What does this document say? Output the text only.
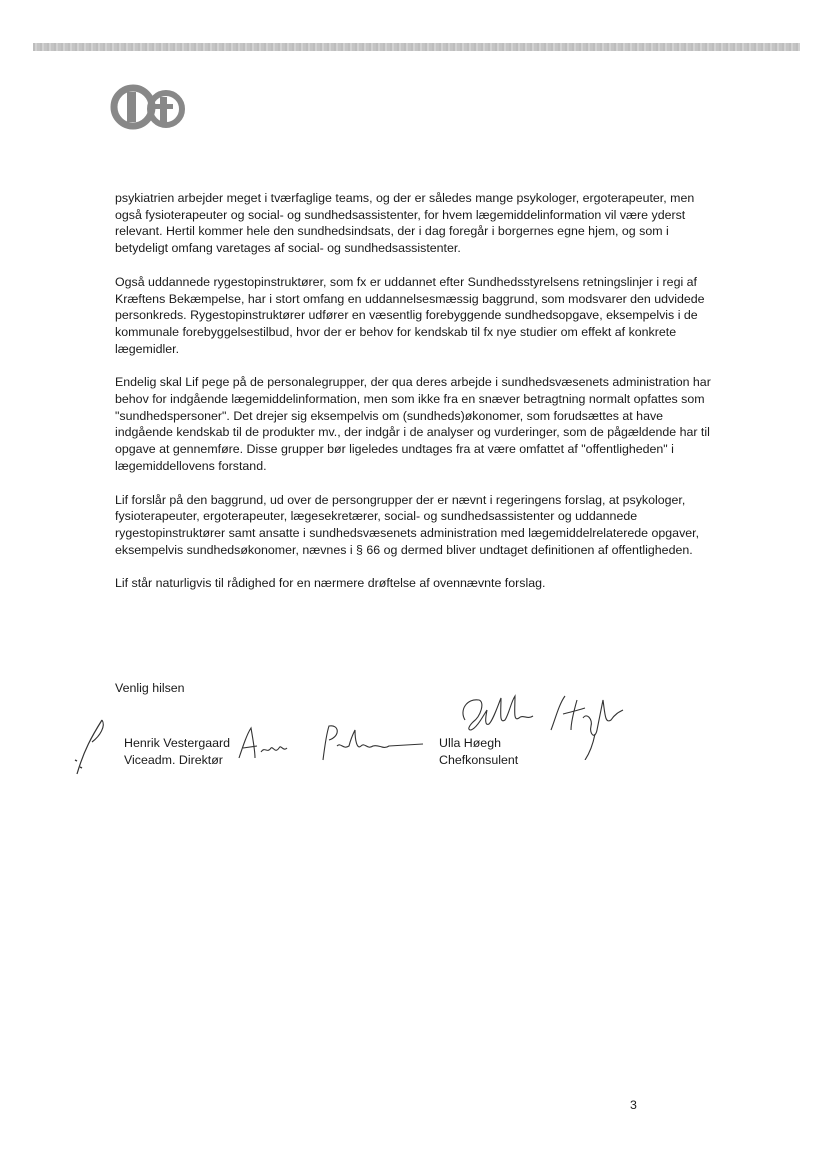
psykiatrien arbejder meget i tværfaglige teams, og der er således mange psykologer, ergoterapeuter, men også fysioterapeuter og social- og sundhedsassistenter, for hvem lægemiddelinformation vil være yderst relevant. Hertil kommer hele den sundhedsindsats, der i dag foregår i borgernes egne hjem, og som i betydeligt omfang varetages af social- og sundhedsassistenter.

Også uddannede rygestopinstruktører, som fx er uddannet efter Sundhedsstyrelsens retningslinjer i regi af Kræftens Bekæmpelse, har i stort omfang en uddannelsesmæssig baggrund, som modsvarer den udvidede personkreds. Rygestopinstruktører udfører en væsentlig forebyggende sundhedsopgave, eksempelvis i de kommunale forebyggelsestilbud, hvor der er behov for kendskab til fx nye studier om effekt af konkrete lægemidler.

Endelig skal Lif pege på de personalegrupper, der qua deres arbejde i sundhedsvæsenets administration har behov for indgående lægemiddelinformation, men som ikke fra en snæver betragtning normalt opfattes som "sundhedspersoner". Det drejer sig eksempelvis om (sundheds)økonomer, som forudsættes at have indgående kendskab til de produkter mv., der indgår i de analyser og vurderinger, som de pågældende har til opgave at gennemføre. Disse grupper bør ligeledes undtages fra at være omfattet af "offentligheden" i lægemiddellovens forstand.

Lif forslår på den baggrund, ud over de persongrupper der er nævnt i regeringens forslag, at psykologer, fysioterapeuter, ergoterapeuter, lægesekretærer, social- og sundhedsassistenter og uddannede rygestopinstruktører samt ansatte i sundhedsvæsenets administration med lægemiddelrelaterede opgaver, eksempelvis sundhedsøkonomer, nævnes i § 66 og dermed bliver undtaget definitionen af offentligheden.

Lif står naturligvis til rådighed for en nærmere drøftelse af ovennævnte forslag.

Venlig hilsen
Henrik Vestergaard
Viceadm. Direktør
Ulla Høegh
Chefkonsulent
3
